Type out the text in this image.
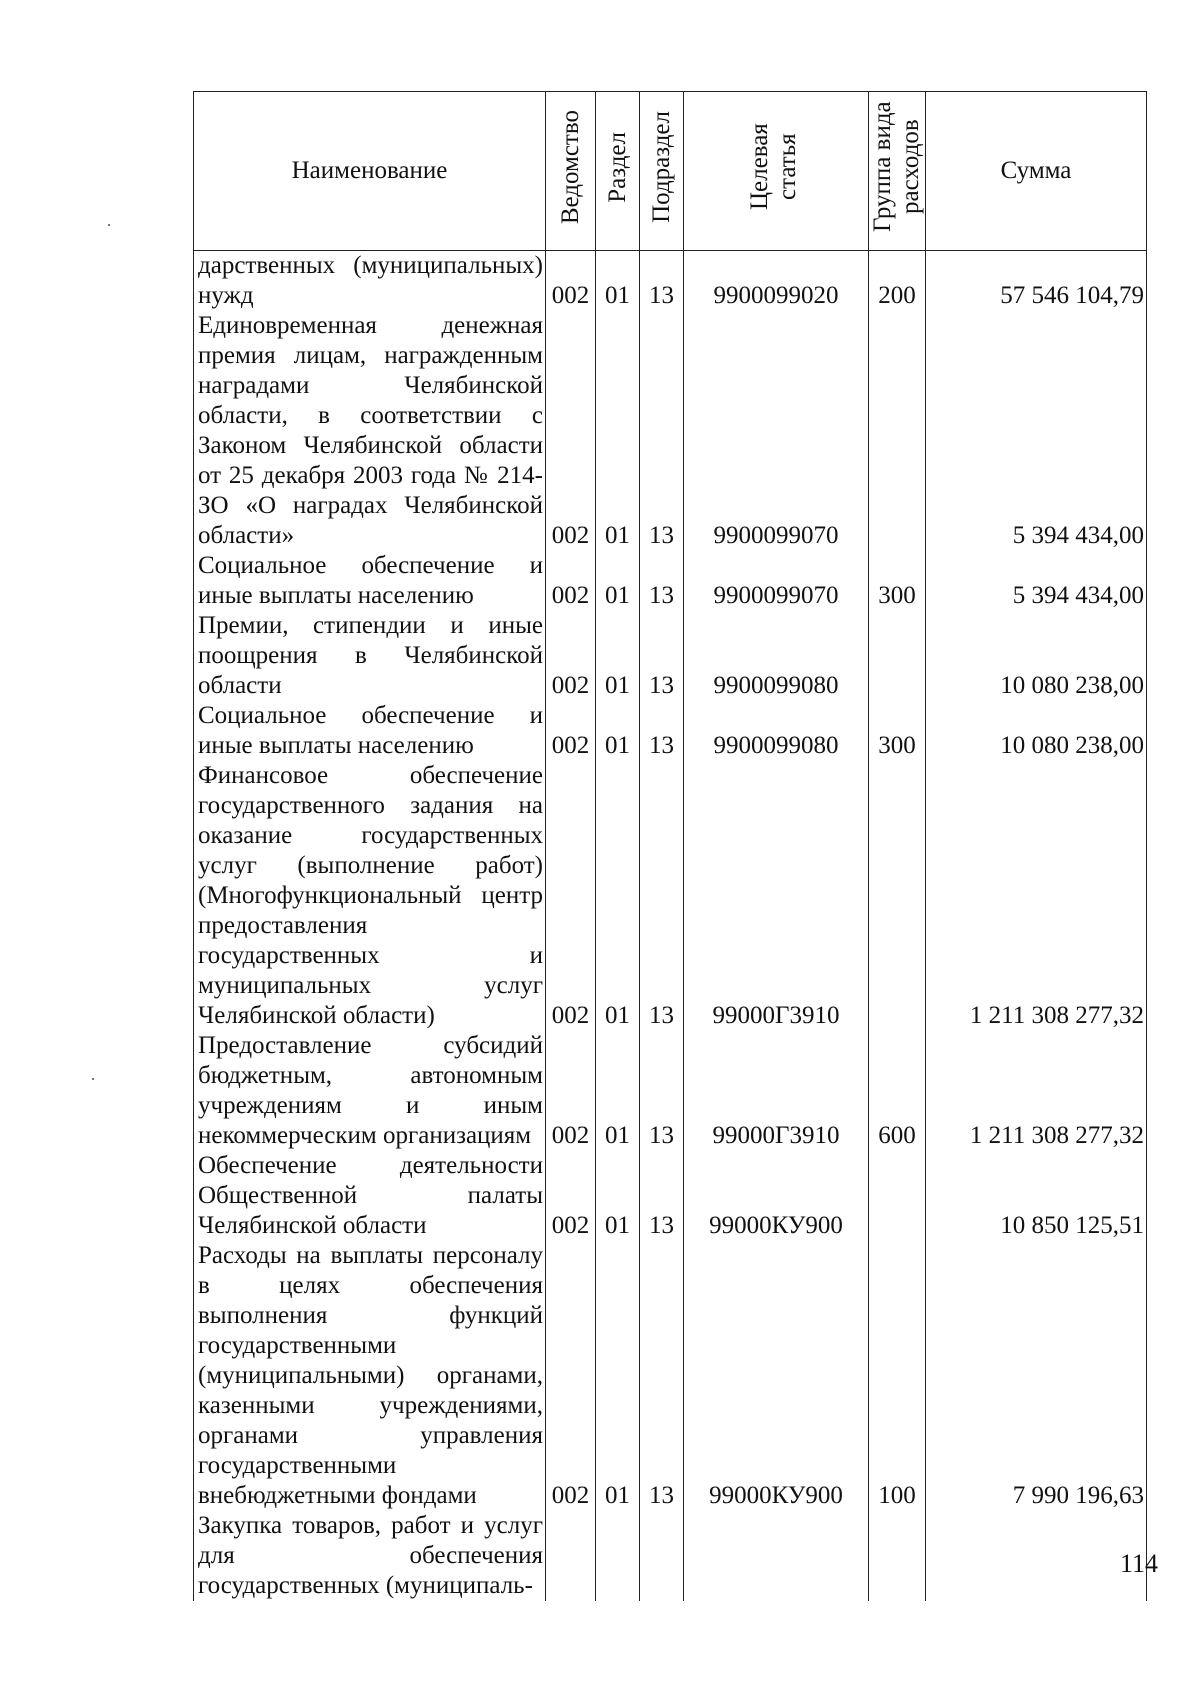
Наименование	Ведомство	Раздел	Подраздел	Целевая статья	Группа вида расходов	Сумма
дарственных (муниципальных) нужд	002	01	13	9900099020	200	57 546 104,79
Единовременная денежная премия лицам, награжденным наградами Челябинской области, в соответствии с Законом Челябинской области от 25 декабря 2003 года № 214-ЗО «О наградах Челябинской области»	002	01	13	9900099070		5 394 434,00
Социальное обеспечение и иные выплаты населению	002	01	13	9900099070	300	5 394 434,00
Премии, стипендии и иные поощрения в Челябинской области	002	01	13	9900099080		10 080 238,00
Социальное обеспечение и иные выплаты населению	002	01	13	9900099080	300	10 080 238,00
Финансовое обеспечение государственного задания на оказание государственных услуг (выполнение работ) (Многофункциональный центр предоставления государственных и муниципальных услуг Челябинской области)	002	01	13	99000Г3910		1 211 308 277,32
Предоставление субсидий бюджетным, автономным учреждениям и иным некоммерческим организациям	002	01	13	99000Г3910	600	1 211 308 277,32
Обеспечение деятельности Общественной палаты Челябинской области	002	01	13	99000КУ900		10 850 125,51
Расходы на выплаты персоналу в целях обеспечения выполнения функций государственными (муниципальными) органами, казенными учреждениями, органами управления государственными внебюджетными фондами	002	01	13	99000КУ900	100	7 990 196,63
Закупка товаров, работ и услуг для обеспечения государственных (муниципаль-						
114
